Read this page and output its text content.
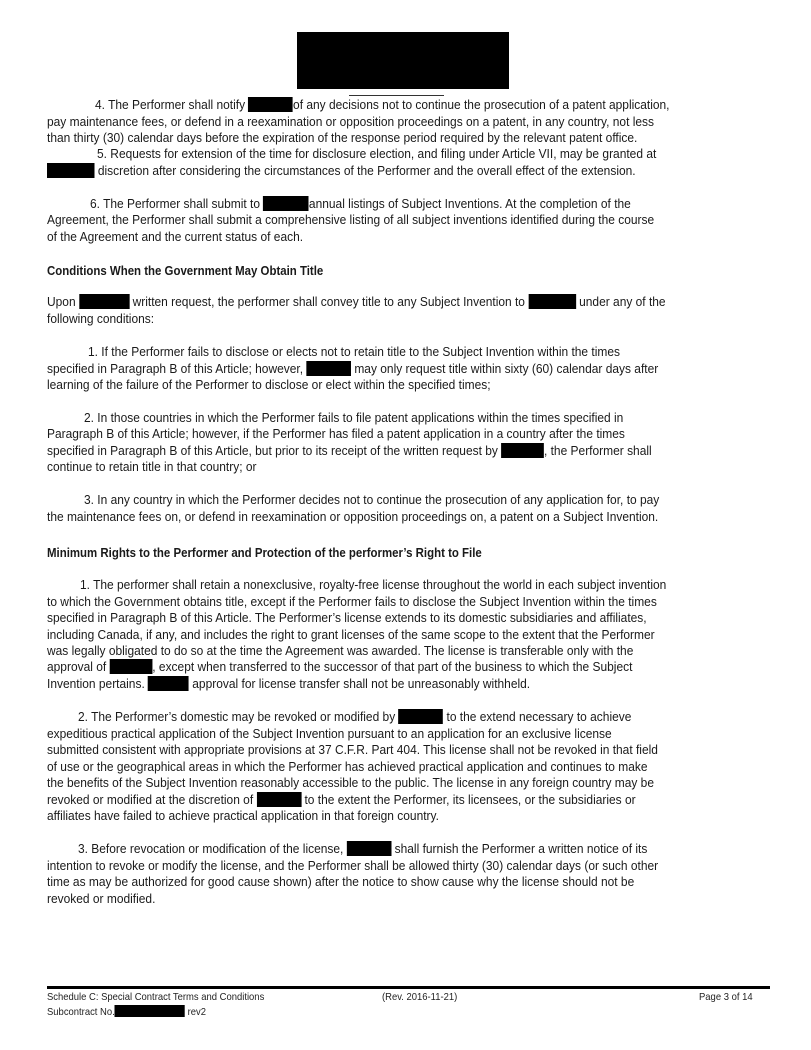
4. The Performer shall notify	of any decisions not to continue the prosecution of a patent application,
pay maintenance fees, or defend in a reexamination or opposition proceedings on a patent, in any country, not less
than thirty (30) calendar days before the expiration of the response period required by the relevant patent office.
5. Requests for extension of the time for disclosure election, and filing under Article VII, may be granted at
discretion after considering the circumstances of the Performer and the overall effect of the extension.
6. The Performer shall submit to	annual listings of Subject Inventions. At the completion of the
Agreement, the Performer shall submit a comprehensive listing of all subject inventions identified during the course
of the Agreement and the current status of each.
Upon	written request, the performer shall convey title to any Subject Invention to	under any of the
following conditions:
1. If the Performer fails to disclose or elects not to retain title to the Subject Invention within the times
specified in Paragraph B of this Article; however,	may only request title within sixty (60) calendar days after
learning of the failure of the Performer to disclose or elect within the specified times;
2. In those countries in which the Performer fails to file patent applications within the times specified in
Paragraph B of this Article; however, if the Performer has filed a patent application in a country after the times
specified in Paragraph B of this Article, but prior to its receipt of the written request by	, the Performer shall
continue to retain title in that country; or
3. In any country in which the Performer decides not to continue the prosecution of any application for, to pay
the maintenance fees on, or defend in reexamination or opposition proceedings on, a patent on a Subject Invention.
1. The performer shall retain a nonexclusive, royalty-free license throughout the world in each subject invention
to which the Government obtains title, except if the Performer fails to disclose the Subject Invention within the times
specified in Paragraph B of this Article. The Performer’s license extends to its domestic subsidiaries and affiliates,
including Canada, if any, and includes the right to grant licenses of the same scope to the extent that the Performer
was legally obligated to do so at the time the Agreement was awarded. The license is transferable only with the
approval of	, except when transferred to the successor of that part of the business to which the Subject
Invention pertains.	approval for license transfer shall not be unreasonably withheld.
2. The Performer’s domestic may be revoked or modified by	to the extend necessary to achieve
expeditious practical application of the Subject Invention pursuant to an application for an exclusive license
submitted consistent with appropriate provisions at 37 C.F.R. Part 404. This license shall not be revoked in that field
of use or the geographical areas in which the Performer has achieved practical application and continues to make
the benefits of the Subject Invention reasonably accessible to the public. The license in any foreign country may be
revoked or modified at the discretion of	to the extent the Performer, its licensees, or the subsidiaries or
affiliates have failed to achieve practical application in that foreign country.
3. Before revocation or modification of the license,	shall furnish the Performer a written notice of its
intention to revoke or modify the license, and the Performer shall be allowed thirty (30) calendar days (or such other
time as may be authorized for good cause shown) after the notice to show cause why the license should not be
revoked or modified.
Conditions When the Government May Obtain Title
Minimum Rights to the Performer and Protection of the performer’s Right to File
Schedule C: Special Contract Terms and Conditions	(Rev. 2016-11-21)	Page 3 of 14
Subcontract No.	rev2
